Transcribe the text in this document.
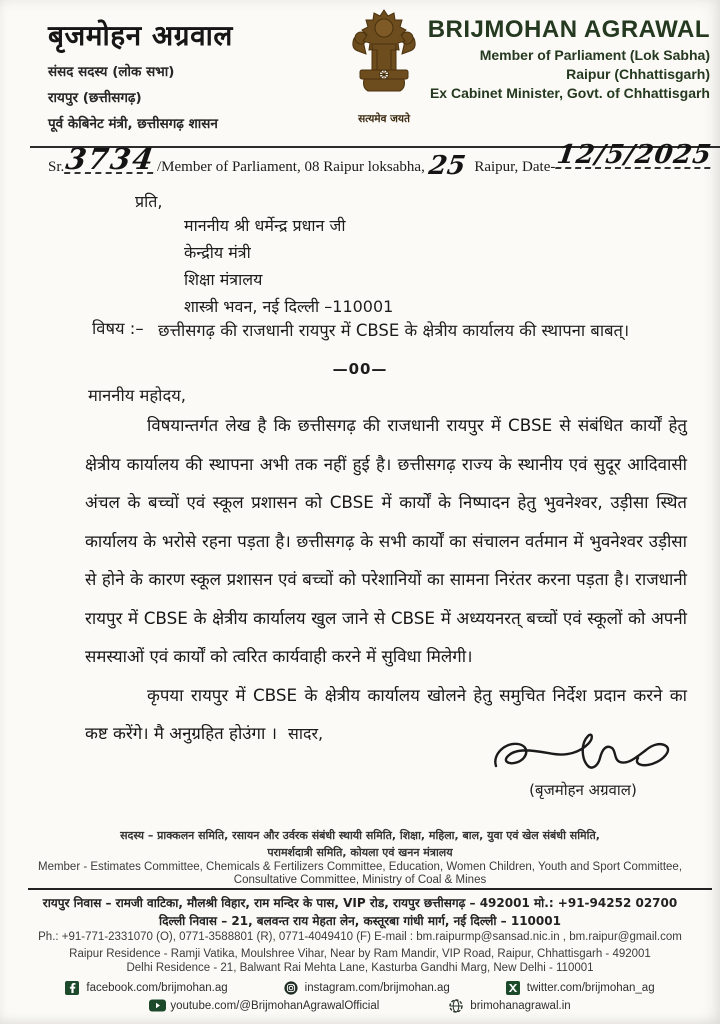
बृजमोहन अग्रवाल
संसद सदस्य (लोक सभा)
रायपुर (छत्तीसगढ़)
पूर्व केबिनेट मंत्री, छत्तीसगढ़ शासन	सत्यमेव जयते
BRIJMOHAN AGRAWAL
Member of Parliament (Lok Sabha)
Raipur (Chhattisgarh)
Ex Cabinet Minister, Govt. of Chhattisgarh
Sr. 3734 /Member of Parliament, 08 Raipur loksabha, 25 Raipur, Date- 12/5/2025
प्रति,
माननीय श्री धर्मेन्द्र प्रधान जी
केन्द्रीय मंत्री
शिक्षा मंत्रालय
शास्त्री भवन, नई दिल्ली –110001
विषय :– छत्तीसगढ़ की राजधानी रायपुर में CBSE के क्षेत्रीय कार्यालय की स्थापना बाबत्।
—00—
माननीय महोदय,

विषयान्तर्गत लेख है कि छत्तीसगढ़ की राजधानी रायपुर में CBSE से संबंधित कार्यों हेतु क्षेत्रीय कार्यालय की स्थापना अभी तक नहीं हुई है। छत्तीसगढ़ राज्य के स्थानीय एवं सुदूर आदिवासी अंचल के बच्चों एवं स्कूल प्रशासन को CBSE में कार्यों के निष्पादन हेतु भुवनेश्वर, उड़ीसा स्थित कार्यालय के भरोसे रहना पड़ता है। छत्तीसगढ़ के सभी कार्यों का संचालन वर्तमान में भुवनेश्वर उड़ीसा से होने के कारण स्कूल प्रशासन एवं बच्चों को परेशानियों का सामना निरंतर करना पड़ता है। राजधानी रायपुर में CBSE के क्षेत्रीय कार्यालय खुल जाने से CBSE में अध्ययनरत् बच्चों एवं स्कूलों को अपनी समस्याओं एवं कार्यों को त्वरित कार्यवाही करने में सुविधा मिलेगी।

कृपया रायपुर में CBSE के क्षेत्रीय कार्यालय खोलने हेतु समुचित निर्देश प्रदान करने का कष्ट करेंगे। मै अनुग्रहित होउंगा । सादर,
(बृजमोहन अग्रवाल)
सदस्य – प्राक्कलन समिति, रसायन और उर्वरक संबंधी स्थायी समिति, शिक्षा, महिला, बाल, युवा एवं खेल संबंधी समिति,
परामर्शदात्री समिति, कोयला एवं खनन मंत्रालय
Member - Estimates Committee, Chemicals & Fertilizers Committee, Education, Women Children, Youth and Sport Committee,
Consultative Committee, Ministry of Coal & Mines
रायपुर निवास – रामजी वाटिका, मौलश्री विहार, राम मन्दिर के पास, VIP रोड, रायपुर छत्तीसगढ़ – 492001 मो.: +91-94252 02700
दिल्ली निवास – 21, बलवन्त राय मेहता लेन, कस्तूरबा गांधी मार्ग, नई दिल्ली – 110001
Ph.: +91-771-2331070 (O), 0771-3588801 (R), 0771-4049410 (F) E-mail : bm.raipurmp@sansad.nic.in , bm.raipur@gmail.com
Raipur Residence - Ramji Vatika, Moulshree Vihar, Near by Ram Mandir, VIP Road, Raipur, Chhattisgarh - 492001
Delhi Residence - 21, Balwant Rai Mehta Lane, Kasturba Gandhi Marg, New Delhi - 110001
facebook.com/brijmohan.ag	instagram.com/brijmohan.ag	twitter.com/brijmohan_ag
youtube.com/@BrijmohanAgrawalOfficial	brimohanagrawal.in
